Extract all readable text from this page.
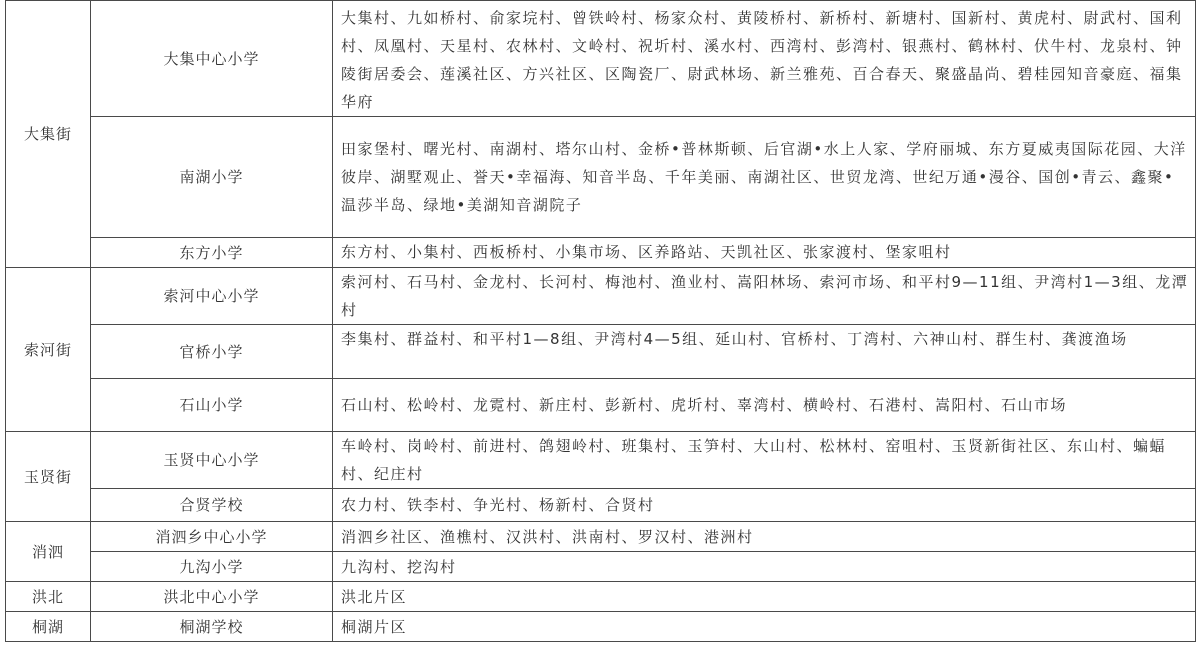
大集街	大集中心小学	大集村、九如桥村、俞家垸村、曾铁岭村、杨家众村、黄陵桥村、新桥村、新塘村、国新村、黄虎村、尉武村、国利村、凤凰村、天星村、农林村、文岭村、祝圻村、溪水村、西湾村、彭湾村、银燕村、鹤林村、伏牛村、龙泉村、钟陵街居委会、莲溪社区、方兴社区、区陶瓷厂、尉武林场、新兰雅苑、百合春天、聚盛晶尚、碧桂园知音豪庭、福集华府
	南湖小学	田家堡村、曙光村、南湖村、塔尔山村、金桥•普林斯顿、后官湖•水上人家、学府丽城、东方夏威夷国际花园、大洋彼岸、湖墅观止、誉天•幸福海、知音半岛、千年美丽、南湖社区、世贸龙湾、世纪万通•漫谷、国创•青云、鑫聚•温莎半岛、绿地•美湖知音湖院子
	东方小学	东方村、小集村、西板桥村、小集市场、区养路站、天凯社区、张家渡村、堡家咀村
索河街	索河中心小学	索河村、石马村、金龙村、长河村、梅池村、渔业村、嵩阳林场、索河市场、和平村9—11组、尹湾村1—3组、龙潭村
	官桥小学	李集村、群益村、和平村1—8组、尹湾村4—5组、延山村、官桥村、丁湾村、六神山村、群生村、龚渡渔场
	石山小学	石山村、松岭村、龙霓村、新庄村、彭新村、虎圻村、辜湾村、横岭村、石港村、嵩阳村、石山市场
玉贤街	玉贤中心小学	车岭村、岗岭村、前进村、鸽翅岭村、班集村、玉笋村、大山村、松林村、窑咀村、玉贤新街社区、东山村、蝙蝠村、纪庄村
	合贤学校	农力村、铁李村、争光村、杨新村、合贤村
消泗	消泗乡中心小学	消泗乡社区、渔樵村、汉洪村、洪南村、罗汉村、港洲村
	九沟小学	九沟村、挖沟村
洪北	洪北中心小学	洪北片区
桐湖	桐湖学校	桐湖片区
